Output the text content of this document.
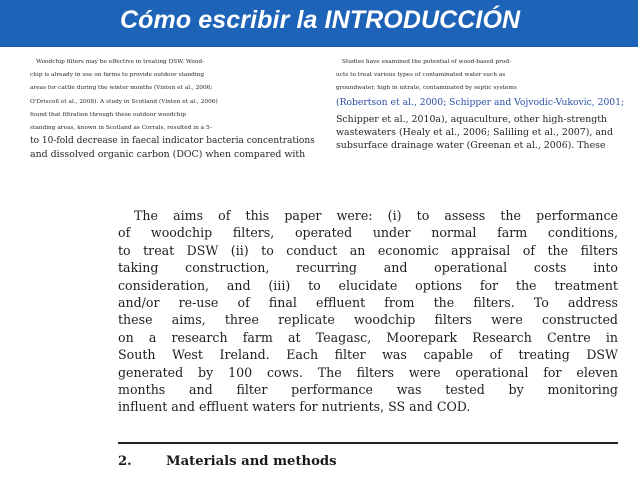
Cómo escribir la INTRODUCCIÓN
Woodchip filters may be effective in treating DSW. Wood-
chip is already in use on farms to provide outdoor standing
areas for cattle during the winter months (Vinten et al., 2006;
O'Driscoll et al., 2008). A study in Scotland (Vinten et al., 2006)
found that filtration through these outdoor woodchip
standing areas, known in Scotland as Corrals, resulted in a 5-
to 10-fold decrease in faecal indicator bacteria concentrations
and dissolved organic carbon (DOC) when compared with
Studies have examined the potential of wood-based prod-
ucts to treat various types of contaminated water such as
groundwater, high in nitrate, contaminated by septic systems
(Robertson et al., 2000; Schipper and Vojvodic-Vukovic, 2001;
Schipper et al., 2010a), aquaculture, other high-strength
wastewaters (Healy et al., 2006; Saliling et al., 2007), and
subsurface drainage water (Greenan et al., 2006). These
The aims of this paper were: (i) to assess the performance
of woodchip filters, operated under normal farm conditions,
to treat DSW (ii) to conduct an economic appraisal of the filters
taking construction, recurring and operational costs into
consideration, and (iii) to elucidate options for the treatment
and/or re-use of final effluent from the filters. To address
these aims, three replicate woodchip filters were constructed
on a research farm at Teagasc, Moorepark Research Centre in
South West Ireland. Each filter was capable of treating DSW
generated by 100 cows. The filters were operational for eleven
months and filter performance was tested by monitoring
influent and effluent waters for nutrients, SS and COD.
2.	Materials and methods
